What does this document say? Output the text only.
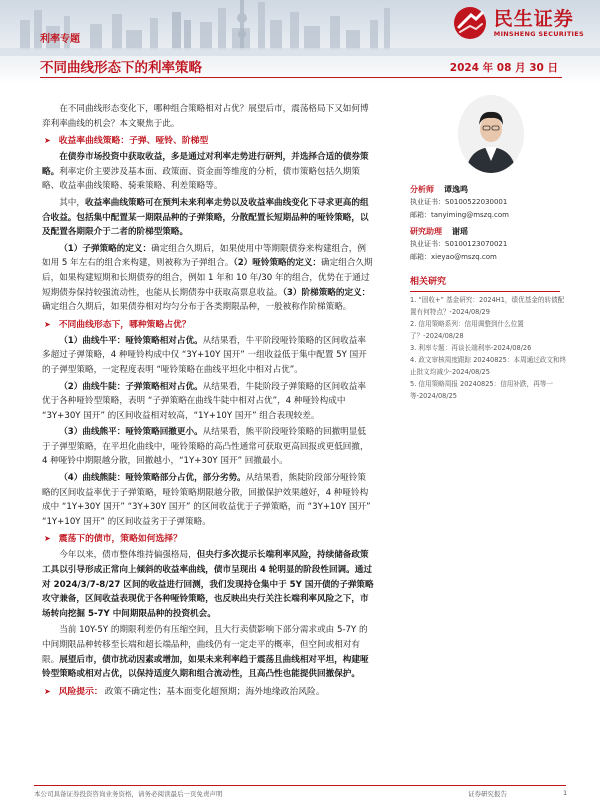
民生证券
MINSHENG SECURITIES
利率专题
不同曲线形态下的利率策略	2024 年 08 月 30 日

在不同曲线形态变化下，哪种组合策略相对占优？展望后市，震荡格局下又如何博弈利率曲线的机会？本文聚焦于此。

➤ 收益率曲线策略：子弹、哑铃、阶梯型

在债券市场投资中获取收益，多是通过对利率走势进行研判，并选择合适的债券策略。利率定价主要涉及基本面、政策面、资金面等维度的分析，债市策略包括久期策略、收益率曲线策略、骑乘策略、利差策略等。

其中，收益率曲线策略可在预判未来利率走势以及收益率曲线变化下寻求更高的组合收益。包括集中配置某一期限品种的子弹策略，分散配置长短期品种的哑铃策略，以及配置各期限介于二者的阶梯型策略。

（1）子弹策略的定义：确定组合久期后，如果使用中等期限债券来构建组合，例如用 5 年左右的组合来构建，则被称为子弹组合。（2）哑铃策略的定义：确定组合久期后，如果构建短期和长期债券的组合，例如 1 年和 10 年/30 年的组合，优势在于通过短期债券保持较强流动性，也能从长期债券中获取高票息收益。（3）阶梯策略的定义：确定组合久期后，如果债券相对均匀分布于各类期限品种，一般被称作阶梯策略。

➤ 不同曲线形态下，哪种策略占优？

（1）曲线牛平：哑铃策略相对占优。从结果看，牛平阶段哑铃策略的区间收益率多超过子弹策略，4 种哑铃构成中仅 “3Y+10Y 国开” 一组收益低于集中配置 5Y 国开的子弹型策略，一定程度表明 “哑铃策略在曲线平坦化中相对占优”。

（2）曲线牛陡：子弹策略相对占优。从结果看，牛陡阶段子弹策略的区间收益率优于各种哑铃型策略，表明 “子弹策略在曲线牛陡中相对占优”，4 种哑铃构成中 “3Y+30Y 国开” 的区间收益相对较高，“1Y+10Y 国开” 组合表现较差。

（3）曲线熊平：哑铃策略回撤更小。从结果看，熊平阶段哑铃策略的回撤明显低于子弹型策略，在平坦化曲线中，哑铃策略的高凸性通常可获取更高回报或更低回撤，4 种哑铃中期限越分散，回撤越小，“1Y+30Y 国开” 回撤最小。

（4）曲线熊陡：哑铃策略部分占优，部分劣势。从结果看，熊陡阶段部分哑铃策略的区间收益率优于子弹策略，哑铃策略期限越分散，回撤保护效果越好，4 种哑铃构成中 “1Y+30Y 国开” “3Y+30Y 国开” 的区间收益优于子弹策略，而 “3Y+10Y 国开” “1Y+10Y 国开” 的区间收益劣于子弹策略。

➤ 震荡下的债市，策略如何选择？

今年以来，债市整体维持偏强格局，但央行多次提示长端利率风险，持续储备政策工具以引导形成正常向上倾斜的收益率曲线，债市呈现出 4 轮明显的阶段性回调。通过对 2024/3/7-8/27 区间的收益进行回测，我们发现持仓集中于 5Y 国开债的子弹策略攻守兼备，区间收益表现优于各种哑铃策略，也反映出央行关注长端利率风险之下，市场转向挖掘 5-7Y 中间期限品种的投资机会。

当前 10Y-5Y 的期限利差仍有压缩空间，且大行卖债影响下部分需求或由 5-7Y 的中间期限品种转移至长端和超长端品种，曲线仍有一定走平的概率，但空间或相对有限。展望后市，债市扰动因素或增加，如果未来利率趋于震荡且曲线相对平坦，构建哑铃型策略或相对占优，以保持适度久期和组合流动性，且高凸性也能提供回撤保护。

➤ 风险提示： 政策不确定性；基本面变化超预期；海外地缘政治风险。
分析师 谭逸鸣
执业证书：S0100522030001
邮箱：tanyiming@mszq.com
研究助理 谢瑶
执业证书：S0100123070021
邮箱：xieyao@mszq.com
相关研究
1. “固收+” 基金研究：2024H1，绩优基金的转债配置有何特点？-2024/08/29
2. 信用策略系列：信用调整到什么位置了？-2024/08/28
3. 利率专题：再谈长端利率-2024/08/26
4. 政文审核周度跟踪 20240825：本周通过政文和终止批文均减少-2024/08/25
5. 信用策略周报 20240825：信用补跌，再等一等-2024/08/25
本公司具备证券投资咨询业务资格，请务必阅读最后一页免责声明	证券研究报告	1
